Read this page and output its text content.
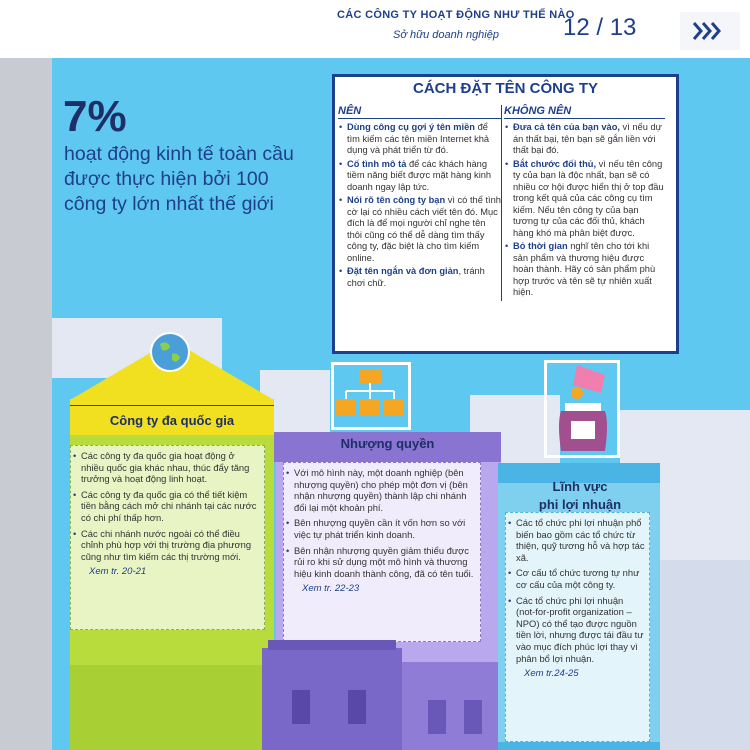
CÁC CÔNG TY HOẠT ĐỘNG NHƯ THẾ NÀO
Sở hữu doanh nghiệp	12 / 13
7%
hoạt động kinh tế toàn cầu được thực hiện bởi 100 công ty lớn nhất thế giới
CÁCH ĐẶT TÊN CÔNG TY
NÊN
• Dùng công cụ gợi ý tên miền để tìm kiếm các tên miền Internet khả dụng và phát triển từ đó.
• Cố tình mô tả để các khách hàng tiềm năng biết được mặt hàng kinh doanh ngay lập tức.
• Nói rõ tên công ty bạn vì có thể tình cờ lại có nhiều cách viết tên đó. Mục đích là để mọi người chỉ nghe tên thôi cũng có thể dễ dàng tìm thấy công ty, đặc biệt là cho tìm kiếm online.
• Đặt tên ngắn và đơn giản, tránh chơi chữ.
KHÔNG NÊN
• Đưa cả tên của bạn vào, vì nếu dự án thất bại, tên bạn sẽ gắn liền với thất bại đó.
• Bắt chước đối thủ, vì nếu tên công ty của bạn là độc nhất, bạn sẽ có nhiều cơ hội được hiển thị ở top đầu trong kết quả của các công cụ tìm kiếm. Nếu tên công ty của bạn tương tự của các đối thủ, khách hàng khó mà phân biệt được.
• Bỏ thời gian nghĩ tên cho tới khi sản phẩm và thương hiệu được hoàn thành. Hãy có sản phẩm phù hợp trước và tên sẽ tự nhiên xuất hiện.
Công ty đa quốc gia
• Các công ty đa quốc gia hoạt động ở nhiều quốc gia khác nhau, thúc đẩy tăng trưởng và hoạt động linh hoạt.
• Các công ty đa quốc gia có thể tiết kiệm tiền bằng cách mở chi nhánh tại các nước có chi phí thấp hơn.
• Các chi nhánh nước ngoài có thể điều chỉnh phù hợp với thị trường địa phương cũng như tìm kiếm các thị trường mới.
Xem tr. 20-21
Nhượng quyền
• Với mô hình này, một doanh nghiệp (bên nhượng quyền) cho phép một đơn vị (bên nhận nhượng quyền) thành lập chi nhánh đổi lại một khoản phí.
• Bên nhượng quyền cần ít vốn hơn so với việc tự phát triển kinh doanh.
• Bên nhận nhượng quyền giảm thiểu được rủi ro khi sử dụng một mô hình và thương hiệu kinh doanh thành công, đã có tên tuổi.
Xem tr. 22-23
Lĩnh vực
phi lợi nhuận
• Các tổ chức phi lợi nhuận phổ biến bao gồm các tổ chức từ thiện, quỹ tương hỗ và hợp tác xã.
• Cơ cấu tổ chức tương tự như cơ cấu của một công ty.
• Các tổ chức phi lợi nhuận (not-for-profit organization – NPO) có thể tạo được nguồn tiền lời, nhưng được tái đầu tư vào mục đích phúc lợi thay vì phân bổ lợi nhuận.
Xem tr.24-25
